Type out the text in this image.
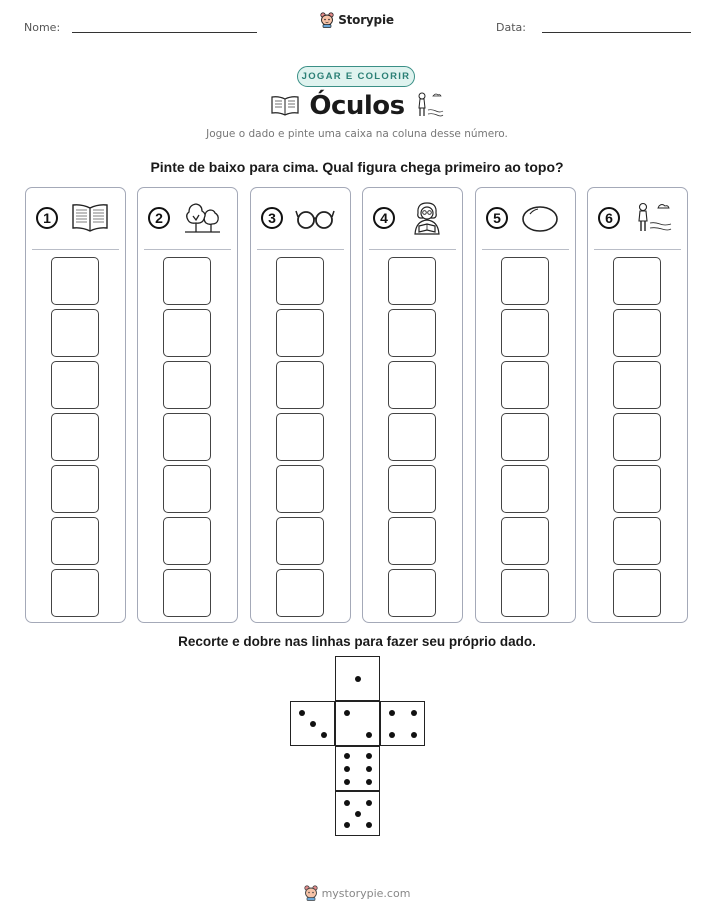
Nome:
Storypie
Data:
JOGAR E COLORIR
Óculos
Jogue o dado e pinte uma caixa na coluna desse número.
Pinte de baixo para cima. Qual figura chega primeiro ao topo?
1	2	3	4	5	6
Recorte e dobre nas linhas para fazer seu próprio dado.
mystorypie.com
